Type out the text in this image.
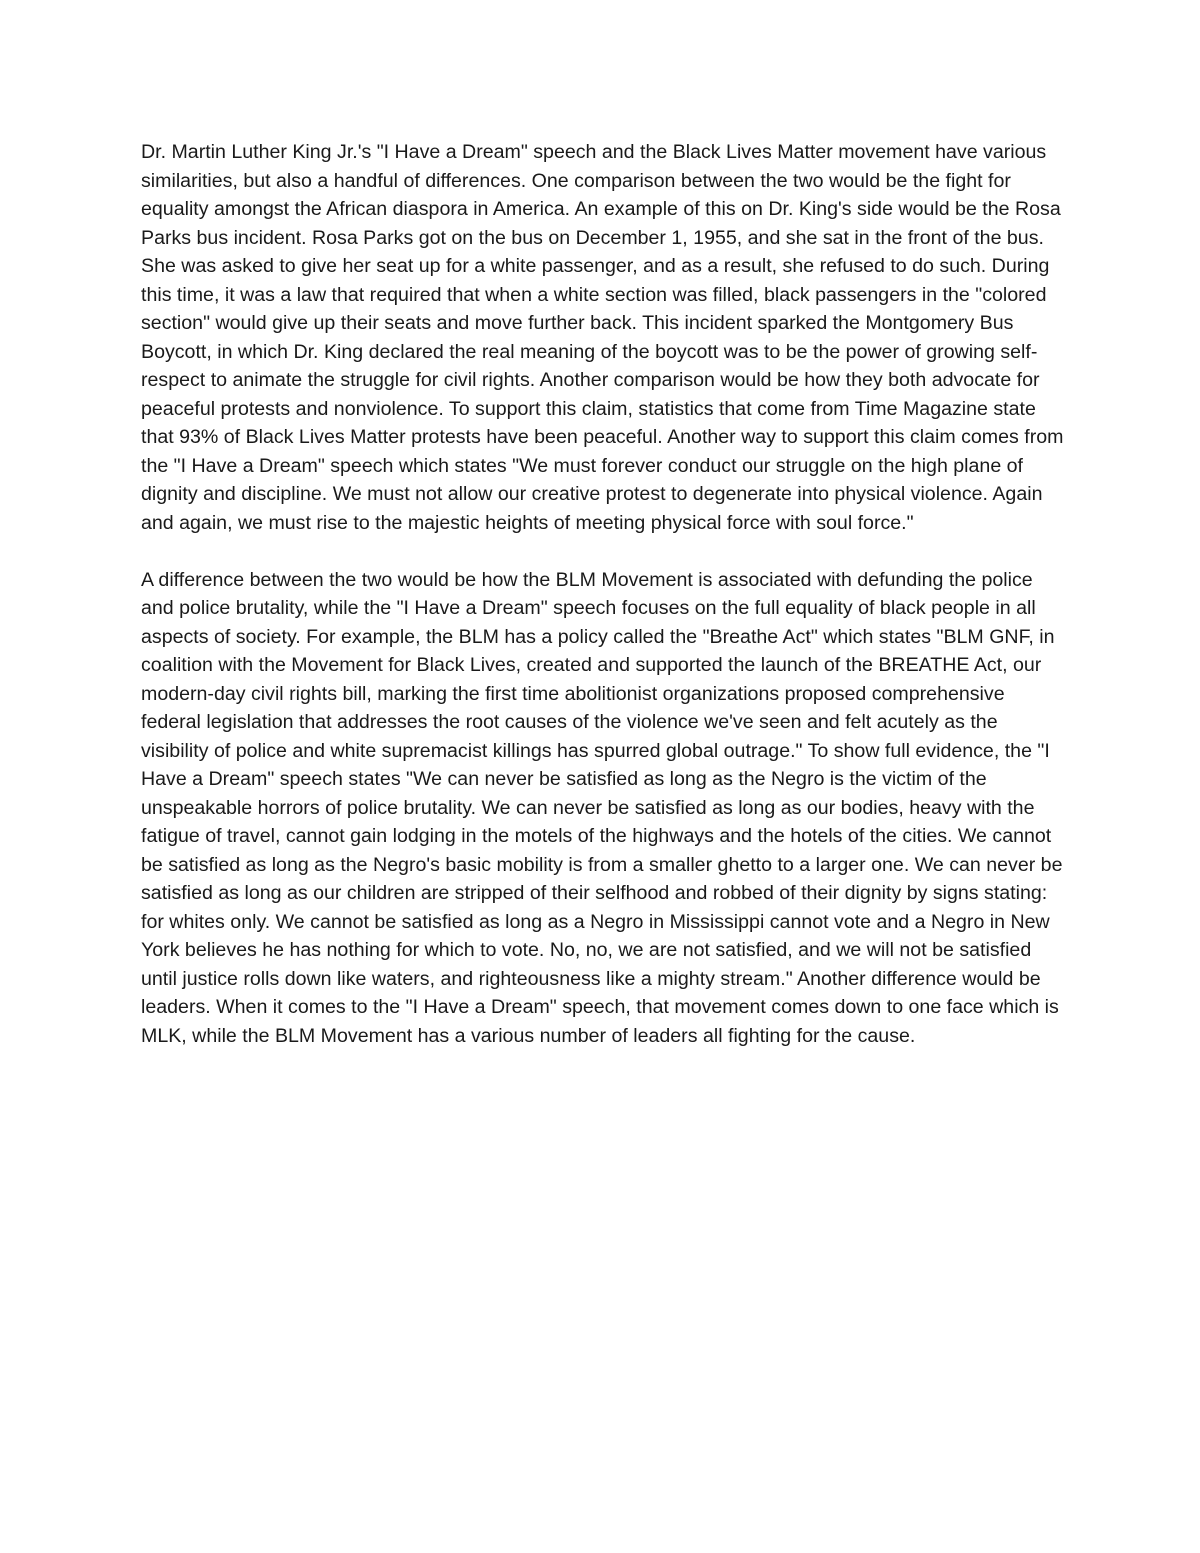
Dr. Martin Luther King Jr.'s "I Have a Dream" speech and the Black Lives Matter movement have various similarities, but also a handful of differences. One comparison between the two would be the fight for equality amongst the African diaspora in America. An example of this on Dr. King's side would be the Rosa Parks bus incident. Rosa Parks got on the bus on December 1, 1955, and she sat in the front of the bus. She was asked to give her seat up for a white passenger, and as a result, she refused to do such. During this time, it was a law that required that when a white section was filled, black passengers in the "colored section" would give up their seats and move further back. This incident sparked the Montgomery Bus Boycott, in which Dr. King declared the real meaning of the boycott was to be the power of growing self-respect to animate the struggle for civil rights. Another comparison would be how they both advocate for peaceful protests and nonviolence. To support this claim, statistics that come from Time Magazine state that 93% of Black Lives Matter protests have been peaceful. Another way to support this claim comes from the "I Have a Dream" speech which states "We must forever conduct our struggle on the high plane of dignity and discipline. We must not allow our creative protest to degenerate into physical violence. Again and again, we must rise to the majestic heights of meeting physical force with soul force."

A difference between the two would be how the BLM Movement is associated with defunding the police and police brutality, while the "I Have a Dream" speech focuses on the full equality of black people in all aspects of society. For example, the BLM has a policy called the "Breathe Act" which states "BLM GNF, in coalition with the Movement for Black Lives, created and supported the launch of the BREATHE Act, our modern-day civil rights bill, marking the first time abolitionist organizations proposed comprehensive federal legislation that addresses the root causes of the violence we've seen and felt acutely as the visibility of police and white supremacist killings has spurred global outrage." To show full evidence, the "I Have a Dream" speech states "We can never be satisfied as long as the Negro is the victim of the unspeakable horrors of police brutality. We can never be satisfied as long as our bodies, heavy with the fatigue of travel, cannot gain lodging in the motels of the highways and the hotels of the cities. We cannot be satisfied as long as the Negro's basic mobility is from a smaller ghetto to a larger one. We can never be satisfied as long as our children are stripped of their selfhood and robbed of their dignity by signs stating: for whites only. We cannot be satisfied as long as a Negro in Mississippi cannot vote and a Negro in New York believes he has nothing for which to vote. No, no, we are not satisfied, and we will not be satisfied until justice rolls down like waters, and righteousness like a mighty stream." Another difference would be leaders. When it comes to the "I Have a Dream" speech, that movement comes down to one face which is MLK, while the BLM Movement has a various number of leaders all fighting for the cause.
